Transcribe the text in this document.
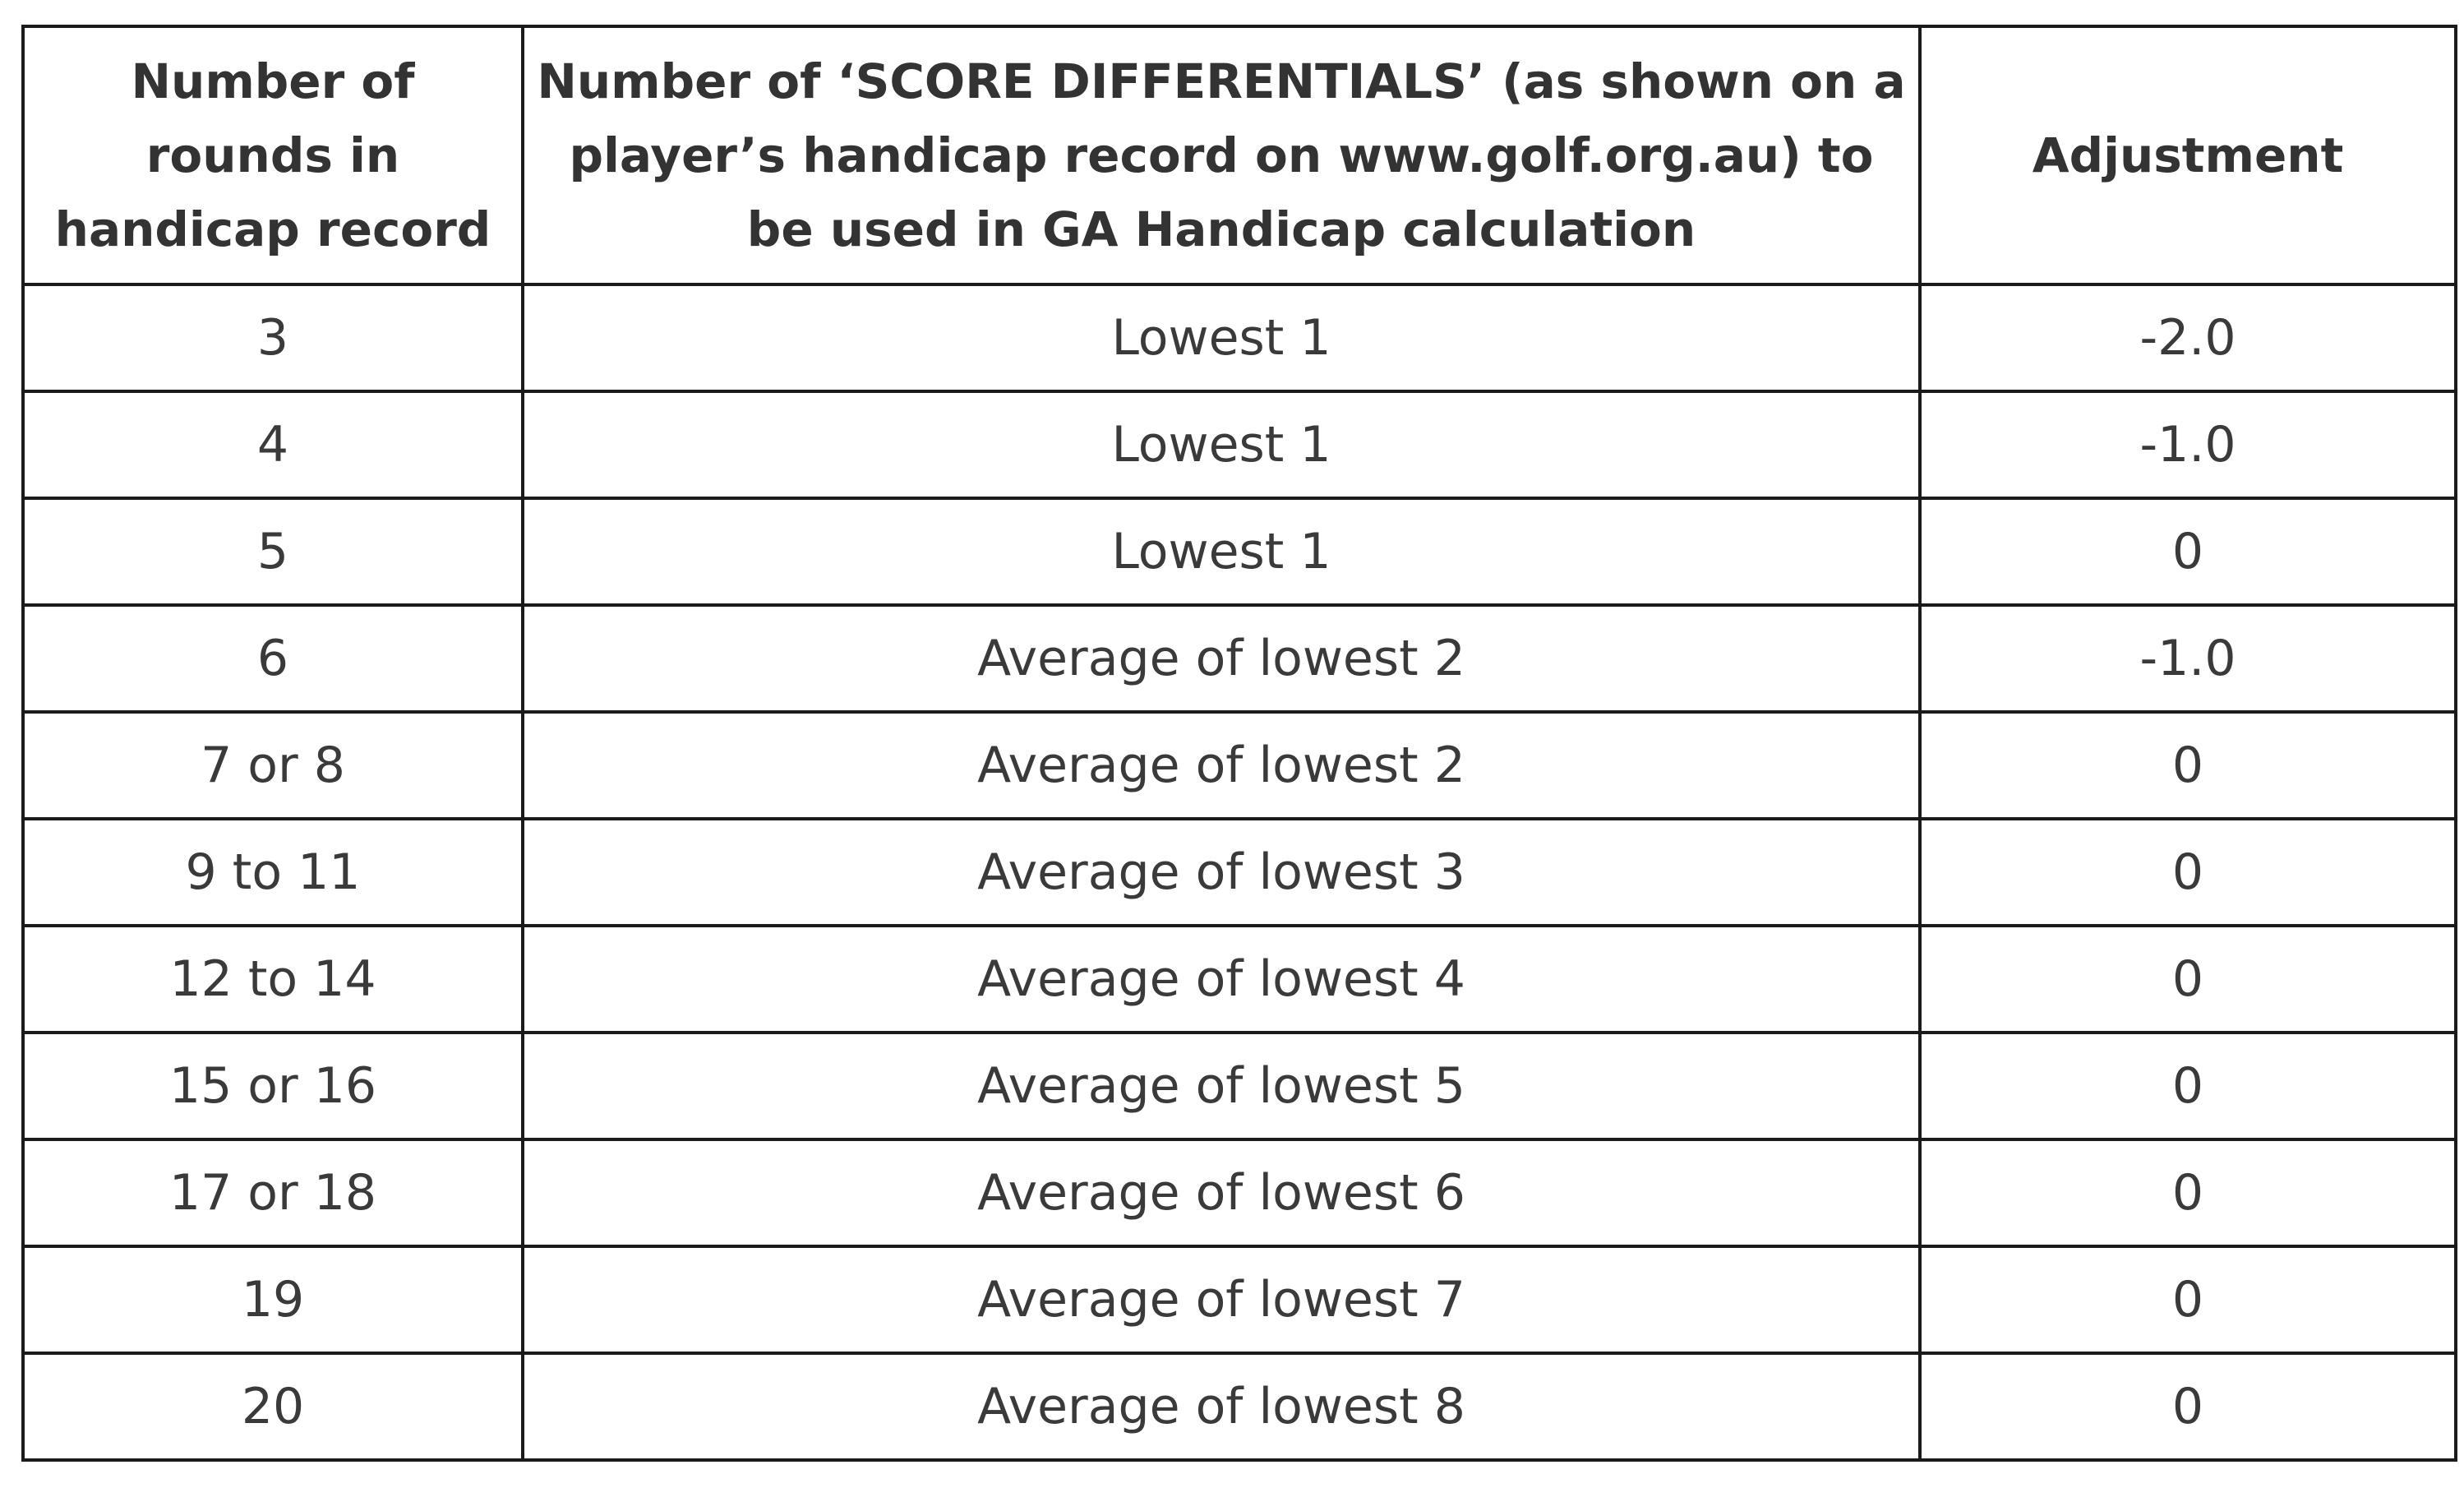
Number of rounds in handicap record	Number of ‘SCORE DIFFERENTIALS’ (as shown on a player’s handicap record on www.golf.org.au) to be used in GA Handicap calculation	Adjustment
3	Lowest 1	-2.0
4	Lowest 1	-1.0
5	Lowest 1	0
6	Average of lowest 2	-1.0
7 or 8	Average of lowest 2	0
9 to 11	Average of lowest 3	0
12 to 14	Average of lowest 4	0
15 or 16	Average of lowest 5	0
17 or 18	Average of lowest 6	0
19	Average of lowest 7	0
20	Average of lowest 8	0
